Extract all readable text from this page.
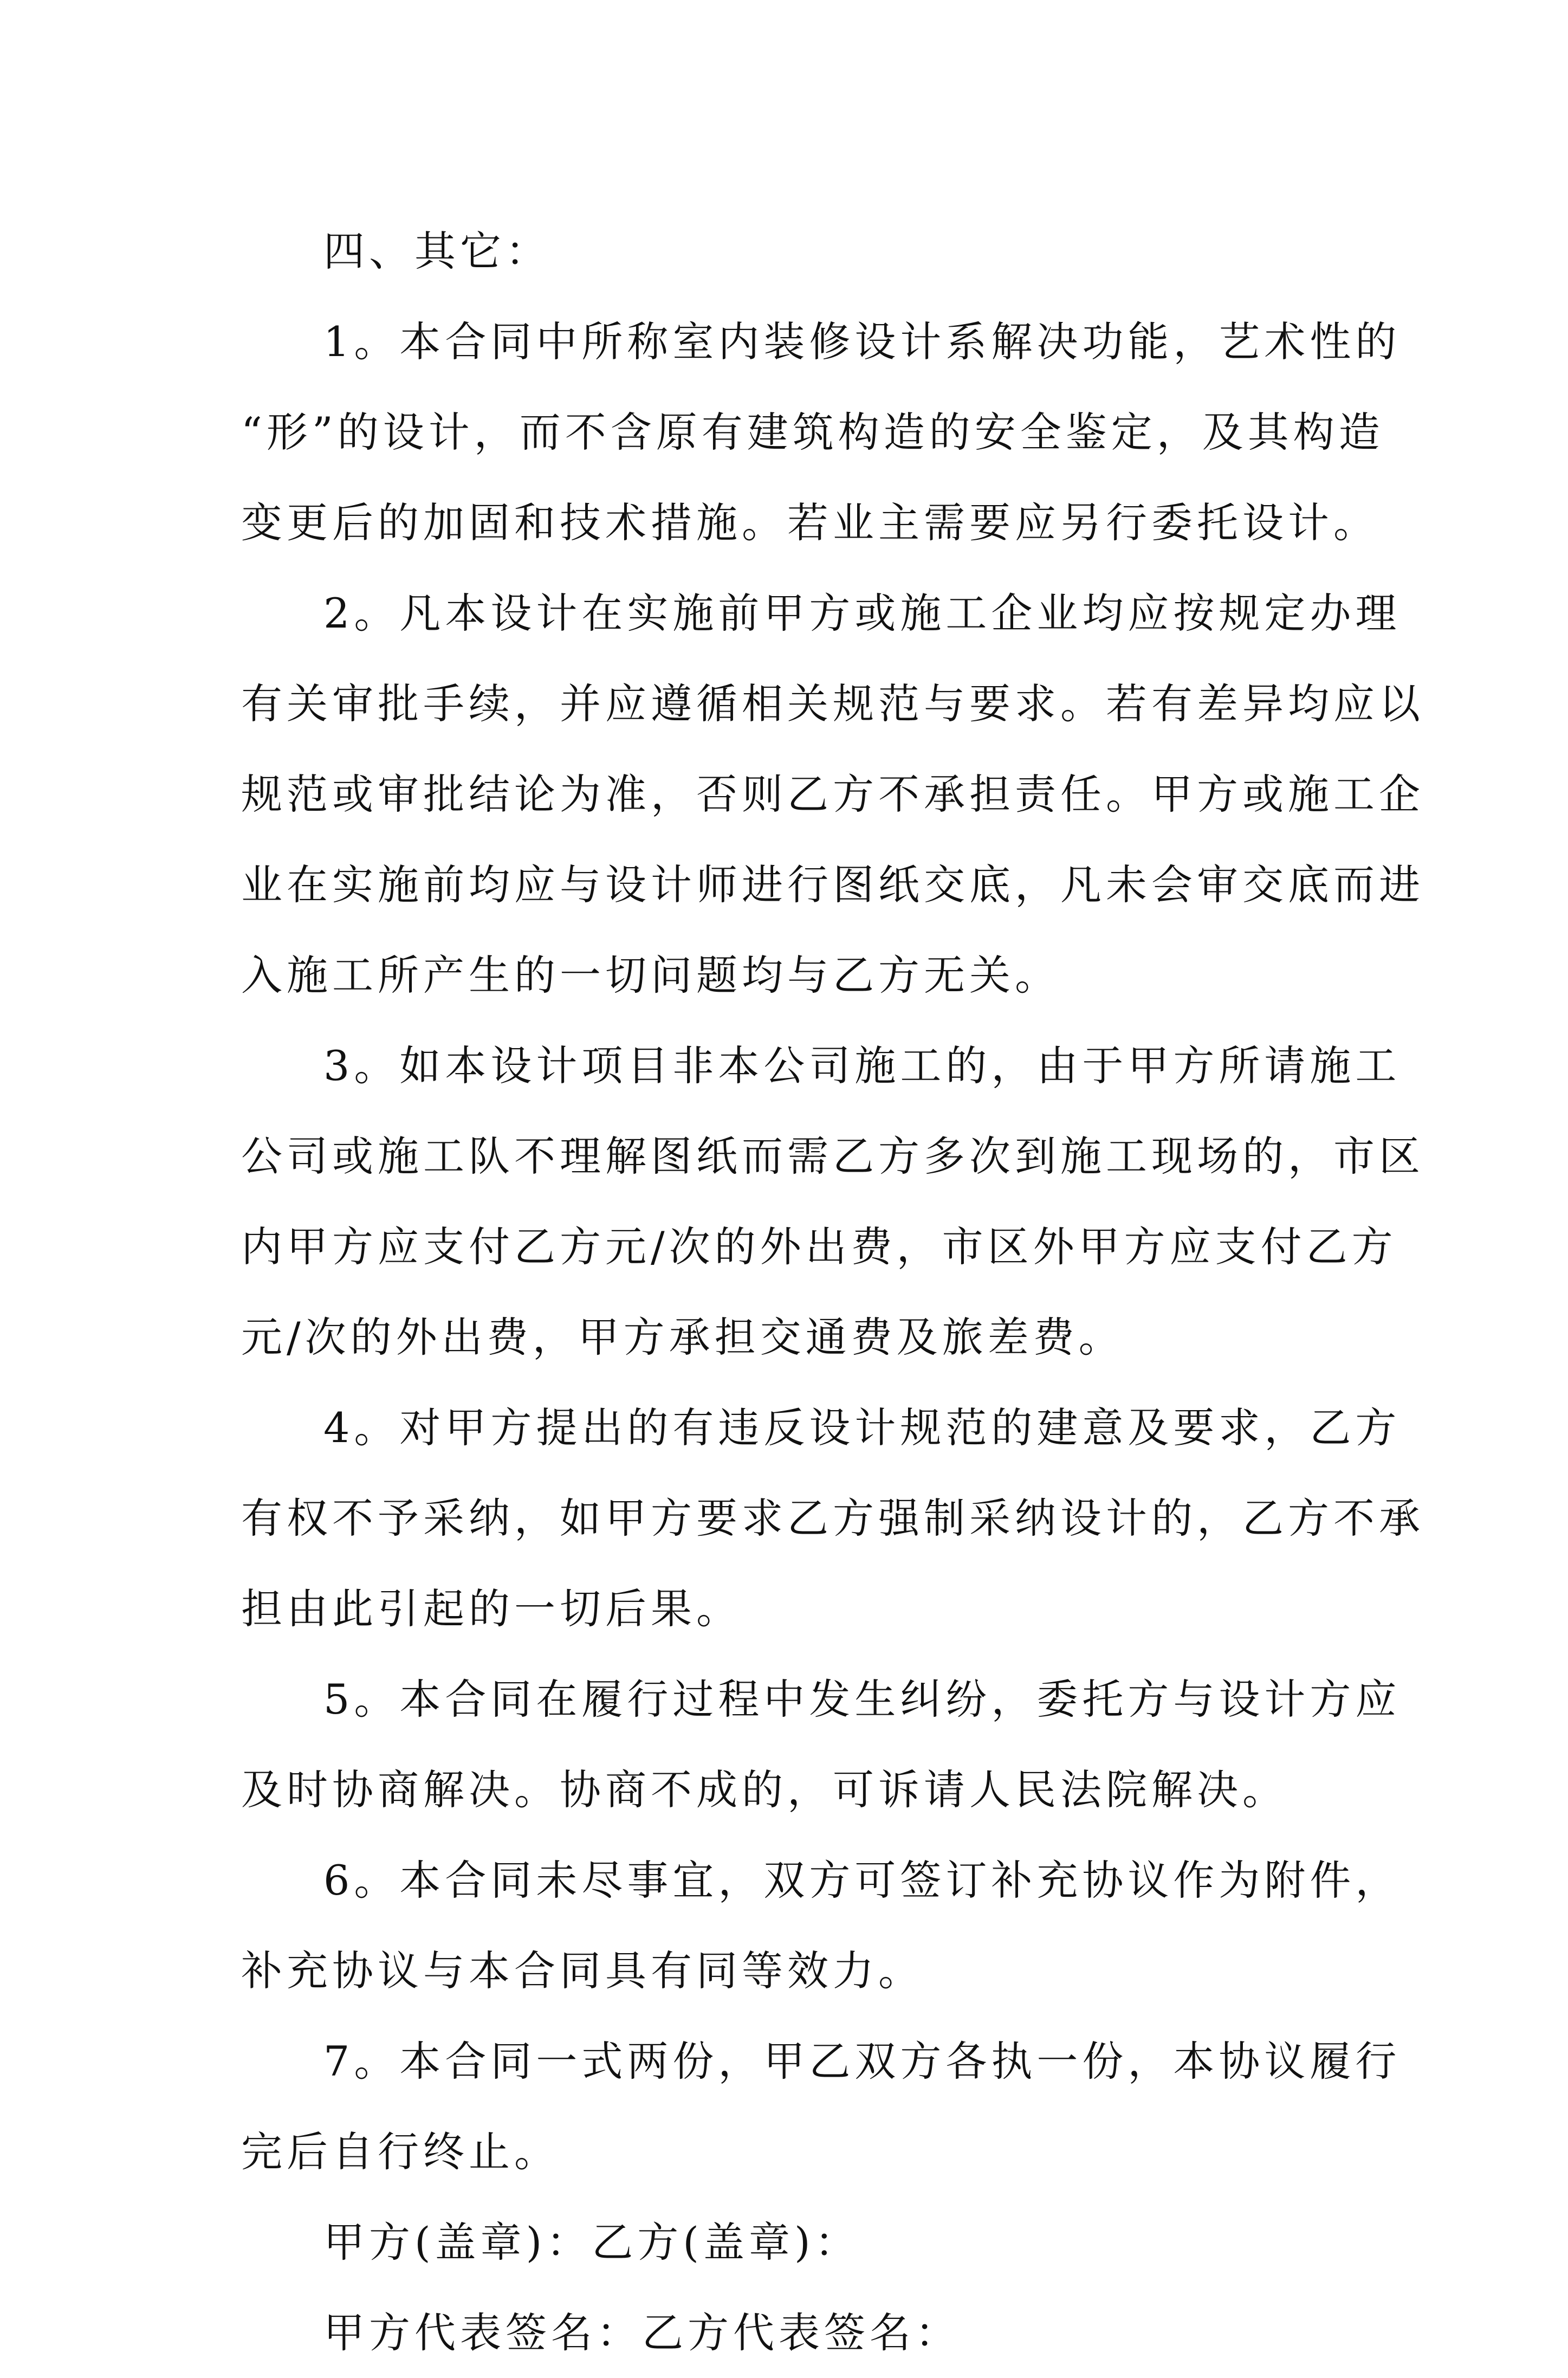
四、其它：
1。本合同中所称室内装修设计系解决功能，艺术性的
“形”的设计，而不含原有建筑构造的安全鉴定，及其构造
变更后的加固和技术措施。若业主需要应另行委托设计。
2。凡本设计在实施前甲方或施工企业均应按规定办理
有关审批手续，并应遵循相关规范与要求。若有差异均应以
规范或审批结论为准，否则乙方不承担责任。甲方或施工企
业在实施前均应与设计师进行图纸交底，凡未会审交底而进
入施工所产生的一切问题均与乙方无关。
3。如本设计项目非本公司施工的，由于甲方所请施工
公司或施工队不理解图纸而需乙方多次到施工现场的，市区
内甲方应支付乙方元/次的外出费，市区外甲方应支付乙方
元/次的外出费，甲方承担交通费及旅差费。
4。对甲方提出的有违反设计规范的建意及要求，乙方
有权不予采纳，如甲方要求乙方强制采纳设计的，乙方不承
担由此引起的一切后果。
5。本合同在履行过程中发生纠纷，委托方与设计方应
及时协商解决。协商不成的，可诉请人民法院解决。
6。本合同未尽事宜，双方可签订补充协议作为附件，
补充协议与本合同具有同等效力。
7。本合同一式两份，甲乙双方各执一份，本协议履行
完后自行终止。
甲方(盖章)：乙方(盖章)：
甲方代表签名：乙方代表签名：
